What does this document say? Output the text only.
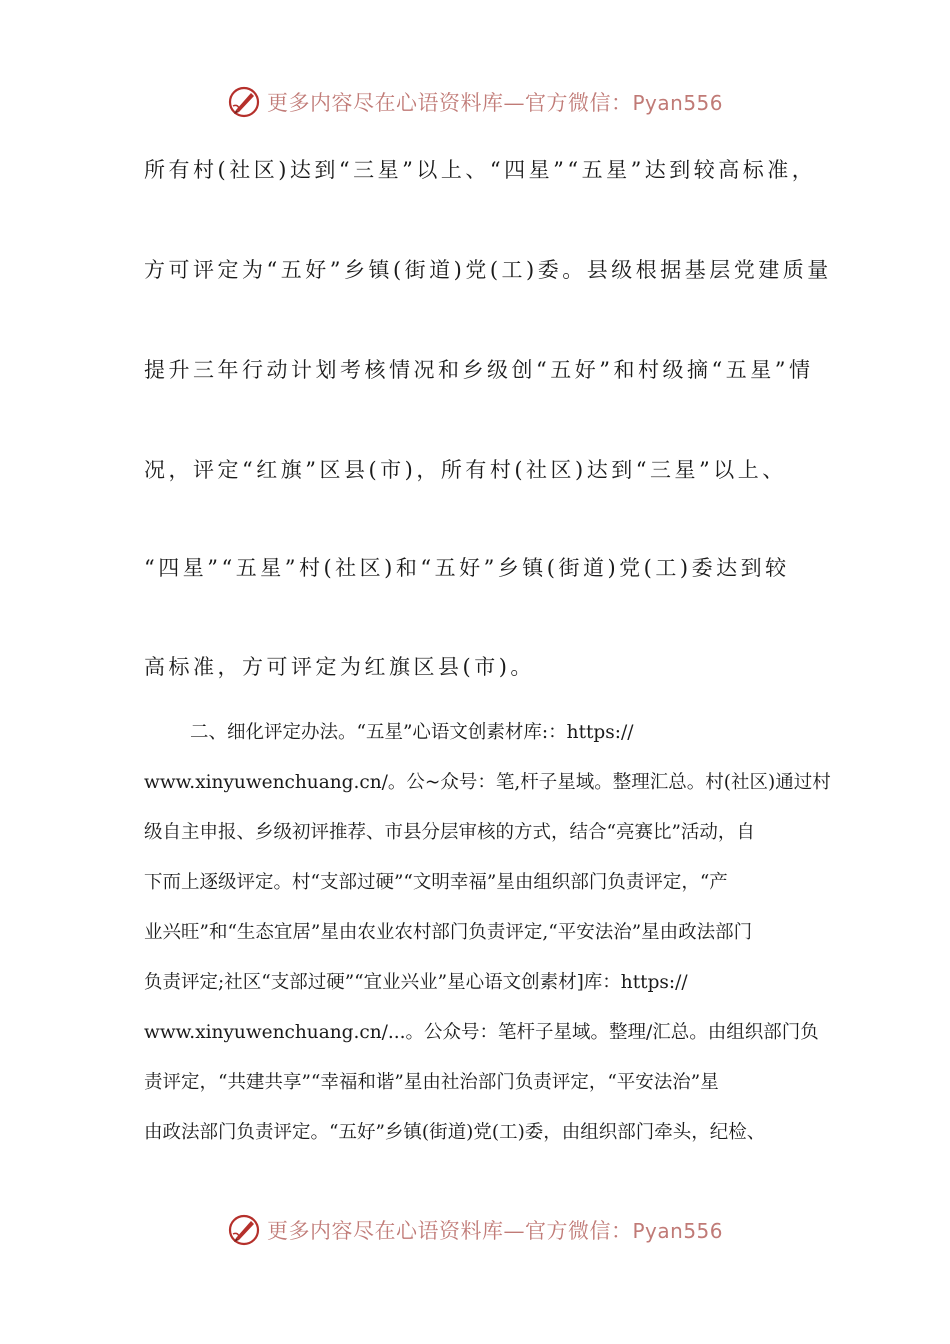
更多内容尽在心语资料库—官方微信：Pyan556
所有村(社区)达到“三星”以上、“四星”“五星”达到较高标准，
方可评定为“五好”乡镇(街道)党(工)委。县级根据基层党建质量
提升三年行动计划考核情况和乡级创“五好”和村级摘“五星”情
况，评定“红旗”区县(市)，所有村(社区)达到“三星”以上、
“四星”“五星”村(社区)和“五好”乡镇(街道)党(工)委达到较
高标准，方可评定为红旗区县(市)。
二、细化评定办法。“五星”心语文创素材库:：https://
www.xinyuwenchuang.cn/。公~众号：笔,杆子星域。整理汇总。村(社区)通过村
级自主申报、乡级初评推荐、市县分层审核的方式，结合“亮赛比”活动，自
下而上逐级评定。村“支部过硬”“文明幸福”星由组织部门负责评定，“产
业兴旺”和“生态宜居”星由农业农村部门负责评定,“平安法治”星由政法部门
负责评定;社区“支部过硬”“宜业兴业”星心语文创素材]库：https://
www.xinyuwenchuang.cn/...。公众号：笔杆子星域。整理/汇总。由组织部门负
责评定，“共建共享”“幸福和谐”星由社治部门负责评定，“平安法治”星
由政法部门负责评定。“五好”乡镇(街道)党(工)委，由组织部门牵头，纪检、
更多内容尽在心语资料库—官方微信：Pyan556
